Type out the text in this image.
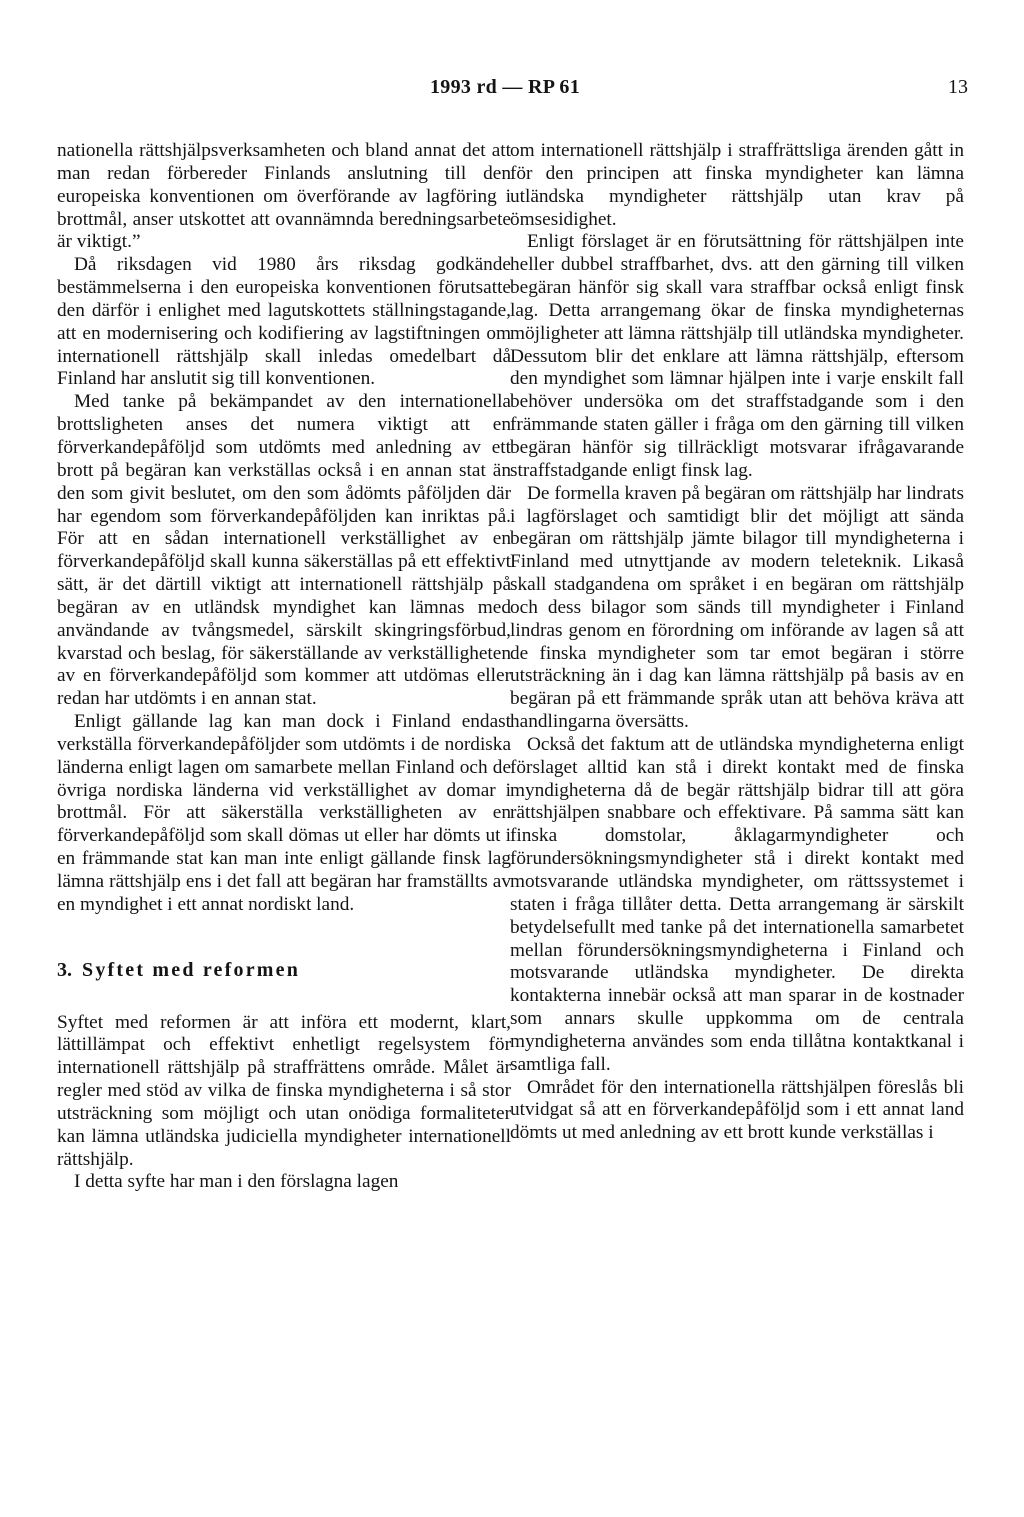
1993 rd — RP 61	13

nationella rättshjälpsverksamheten och bland annat det att man redan förbereder Finlands anslutning till den europeiska konventionen om överförande av lagföring i brottmål, anser utskottet att ovannämnda beredningsarbete är viktigt.”

Då riksdagen vid 1980 års riksdag godkände bestämmelserna i den europeiska konventionen förutsatte den därför i enlighet med lagutskottets ställningstagande, att en modernisering och kodifiering av lagstiftningen om internationell rättshjälp skall inledas omedelbart då Finland har anslutit sig till konventionen.

Med tanke på bekämpandet av den internationella brottsligheten anses det numera viktigt att en förverkandepåföljd som utdömts med anledning av ett brott på begäran kan verkställas också i en annan stat än den som givit beslutet, om den som ådömts påföljden där har egendom som förverkandepåföljden kan inriktas på. För att en sådan internationell verkställighet av en förverkandepåföljd skall kunna säkerställas på ett effektivt sätt, är det därtill viktigt att internationell rättshjälp på begäran av en utländsk myndighet kan lämnas med användande av tvångsmedel, särskilt skingringsförbud, kvarstad och beslag, för säkerställande av verkställigheten av en förverkandepåföljd som kommer att utdömas eller redan har utdömts i en annan stat.

Enligt gällande lag kan man dock i Finland endast verkställa förverkandepåföljder som utdömts i de nordiska länderna enligt lagen om samarbete mellan Finland och de övriga nordiska länderna vid verkställighet av domar i brottmål. För att säkerställa verkställigheten av en förverkandepåföljd som skall dömas ut eller har dömts ut i en främmande stat kan man inte enligt gällande finsk lag lämna rättshjälp ens i det fall att begäran har framställts av en myndighet i ett annat nordiskt land.

3. Syftet med reformen

Syftet med reformen är att införa ett modernt, klart, lättillämpat och effektivt enhetligt regelsystem för internationell rättshjälp på straffrättens område. Målet är regler med stöd av vilka de finska myndigheterna i så stor utsträckning som möjligt och utan onödiga formaliteter kan lämna utländska judiciella myndigheter internationell rättshjälp.

I detta syfte har man i den förslagna lagen

om internationell rättshjälp i straffrättsliga ärenden gått in för den principen att finska myndigheter kan lämna utländska myndigheter rättshjälp utan krav på ömsesidighet.

Enligt förslaget är en förutsättning för rättshjälpen inte heller dubbel straffbarhet, dvs. att den gärning till vilken begäran hänför sig skall vara straffbar också enligt finsk lag. Detta arrangemang ökar de finska myndigheternas möjligheter att lämna rättshjälp till utländska myndigheter. Dessutom blir det enklare att lämna rättshjälp, eftersom den myndighet som lämnar hjälpen inte i varje enskilt fall behöver undersöka om det straffstadgande som i den främmande staten gäller i fråga om den gärning till vilken begäran hänför sig tillräckligt motsvarar ifrågavarande straffstadgande enligt finsk lag.

De formella kraven på begäran om rättshjälp har lindrats i lagförslaget och samtidigt blir det möjligt att sända begäran om rättshjälp jämte bilagor till myndigheterna i Finland med utnyttjande av modern teleteknik. Likaså skall stadgandena om språket i en begäran om rättshjälp och dess bilagor som sänds till myndigheter i Finland lindras genom en förordning om införande av lagen så att de finska myndigheter som tar emot begäran i större utsträckning än i dag kan lämna rättshjälp på basis av en begäran på ett främmande språk utan att behöva kräva att handlingarna översätts.

Också det faktum att de utländska myndigheterna enligt förslaget alltid kan stå i direkt kontakt med de finska myndigheterna då de begär rättshjälp bidrar till att göra rättshjälpen snabbare och effektivare. På samma sätt kan finska domstolar, åklagarmyndigheter och förundersökningsmyndigheter stå i direkt kontakt med motsvarande utländska myndigheter, om rättssystemet i staten i fråga tillåter detta. Detta arrangemang är särskilt betydelsefullt med tanke på det internationella samarbetet mellan förundersökningsmyndigheterna i Finland och motsvarande utländska myndigheter. De direkta kontakterna innebär också att man sparar in de kostnader som annars skulle uppkomma om de centrala myndigheterna användes som enda tillåtna kontaktkanal i samtliga fall.

Området för den internationella rättshjälpen föreslås bli utvidgat så att en förverkandepåföljd som i ett annat land dömts ut med anledning av ett brott kunde verkställas i
